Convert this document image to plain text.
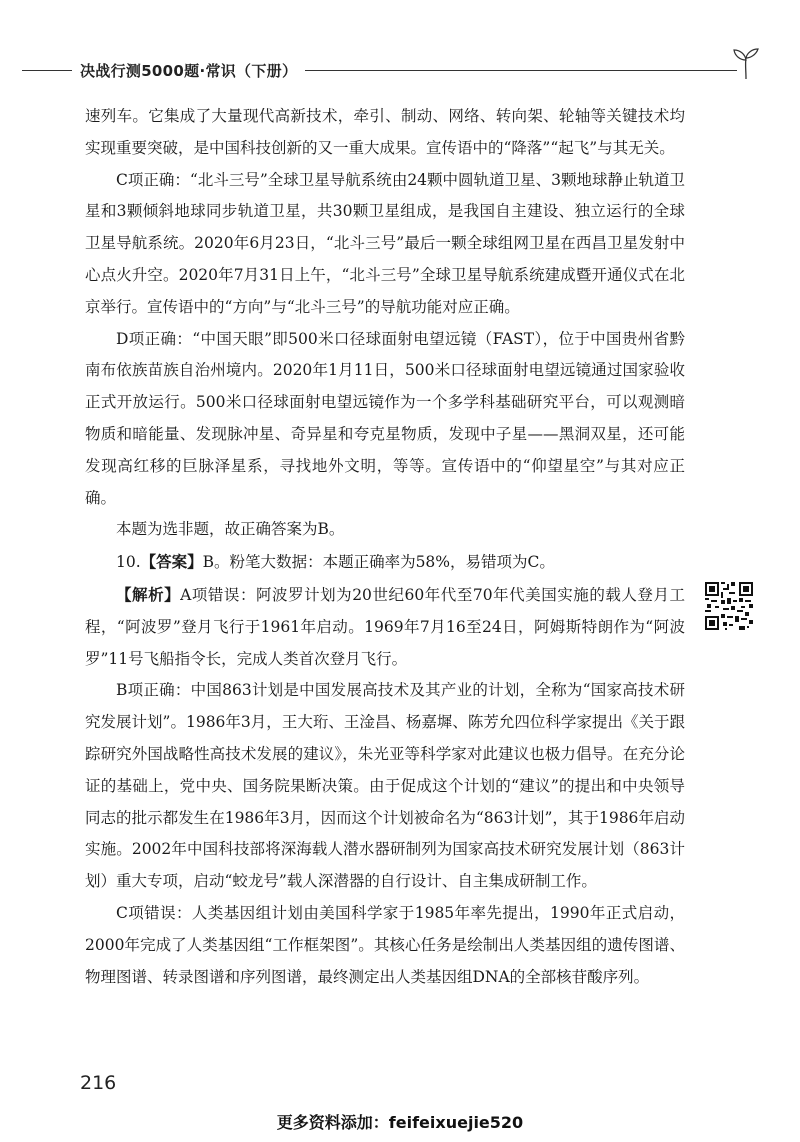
决战行测5000题·常识（下册）

速列车。它集成了大量现代高新技术，牵引、制动、网络、转向架、轮轴等关键技术均实现重要突破，是中国科技创新的又一重大成果。宣传语中的“降落”“起飞”与其无关。

C项正确：“北斗三号”全球卫星导航系统由24颗中圆轨道卫星、3颗地球静止轨道卫星和3颗倾斜地球同步轨道卫星，共30颗卫星组成，是我国自主建设、独立运行的全球卫星导航系统。2020年6月23日，“北斗三号”最后一颗全球组网卫星在西昌卫星发射中心点火升空。2020年7月31日上午，“北斗三号”全球卫星导航系统建成暨开通仪式在北京举行。宣传语中的“方向”与“北斗三号”的导航功能对应正确。

D项正确：“中国天眼”即500米口径球面射电望远镜（FAST），位于中国贵州省黔南布依族苗族自治州境内。2020年1月11日，500米口径球面射电望远镜通过国家验收正式开放运行。500米口径球面射电望远镜作为一个多学科基础研究平台，可以观测暗物质和暗能量、发现脉冲星、奇异星和夸克星物质，发现中子星——黑洞双星，还可能发现高红移的巨脉泽星系，寻找地外文明，等等。宣传语中的“仰望星空”与其对应正确。

本题为选非题，故正确答案为B。

10.【答案】B。粉笔大数据：本题正确率为58%，易错项为C。

【解析】A项错误：阿波罗计划为20世纪60年代至70年代美国实施的载人登月工程，“阿波罗”登月飞行于1961年启动。1969年7月16至24日，阿姆斯特朗作为“阿波罗”11号飞船指令长，完成人类首次登月飞行。

B项正确：中国863计划是中国发展高技术及其产业的计划，全称为“国家高技术研究发展计划”。1986年3月，王大珩、王淦昌、杨嘉墀、陈芳允四位科学家提出《关于跟踪研究外国战略性高技术发展的建议》，朱光亚等科学家对此建议也极力倡导。在充分论证的基础上，党中央、国务院果断决策。由于促成这个计划的“建议”的提出和中央领导同志的批示都发生在1986年3月，因而这个计划被命名为“863计划”，其于1986年启动实施。2002年中国科技部将深海载人潜水器研制列为国家高技术研究发展计划（863计划）重大专项，启动“蛟龙号”载人深潜器的自行设计、自主集成研制工作。

C项错误：人类基因组计划由美国科学家于1985年率先提出，1990年正式启动，2000年完成了人类基因组“工作框架图”。其核心任务是绘制出人类基因组的遗传图谱、物理图谱、转录图谱和序列图谱，最终测定出人类基因组DNA的全部核苷酸序列。

216
更多资料添加：feifeixuejie520
